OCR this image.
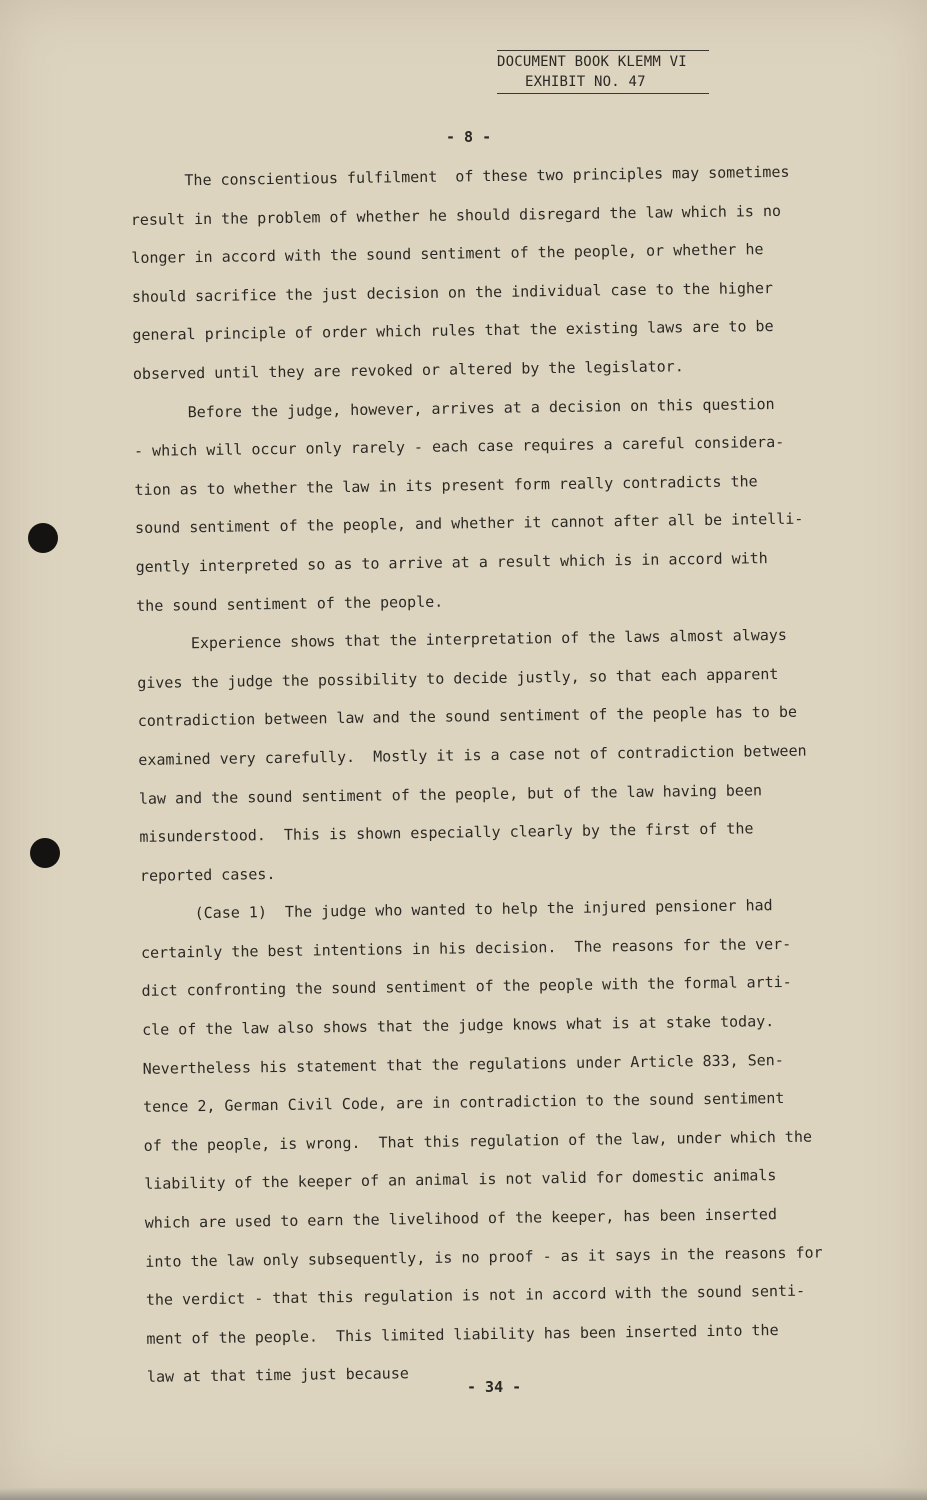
DOCUMENT BOOK KLEMM VI
EXHIBIT NO. 47
- 8 -
The conscientious fulfilment  of these two principles may sometimes
result in the problem of whether he should disregard the law which is no
longer in accord with the sound sentiment of the people, or whether he
should sacrifice the just decision on the individual case to the higher
general principle of order which rules that the existing laws are to be
observed until they are revoked or altered by the legislator.
Before the judge, however, arrives at a decision on this question
- which will occur only rarely - each case requires a careful considera-
tion as to whether the law in its present form really contradicts the
sound sentiment of the people, and whether it cannot after all be intelli-
gently interpreted so as to arrive at a result which is in accord with
the sound sentiment of the people.
Experience shows that the interpretation of the laws almost always
gives the judge the possibility to decide justly, so that each apparent
contradiction between law and the sound sentiment of the people has to be
examined very carefully.  Mostly it is a case not of contradiction between
law and the sound sentiment of the people, but of the law having been
misunderstood.  This is shown especially clearly by the first of the
reported cases.
(Case 1)  The judge who wanted to help the injured pensioner had
certainly the best intentions in his decision.  The reasons for the ver-
dict confronting the sound sentiment of the people with the formal arti-
cle of the law also shows that the judge knows what is at stake today.
Nevertheless his statement that the regulations under Article 833, Sen-
tence 2, German Civil Code, are in contradiction to the sound sentiment
of the people, is wrong.  That this regulation of the law, under which the
liability of the keeper of an animal is not valid for domestic animals
which are used to earn the livelihood of the keeper, has been inserted
into the law only subsequently, is no proof - as it says in the reasons for
the verdict - that this regulation is not in accord with the sound senti-
ment of the people.  This limited liability has been inserted into the
law at that time just because
- 34 -
